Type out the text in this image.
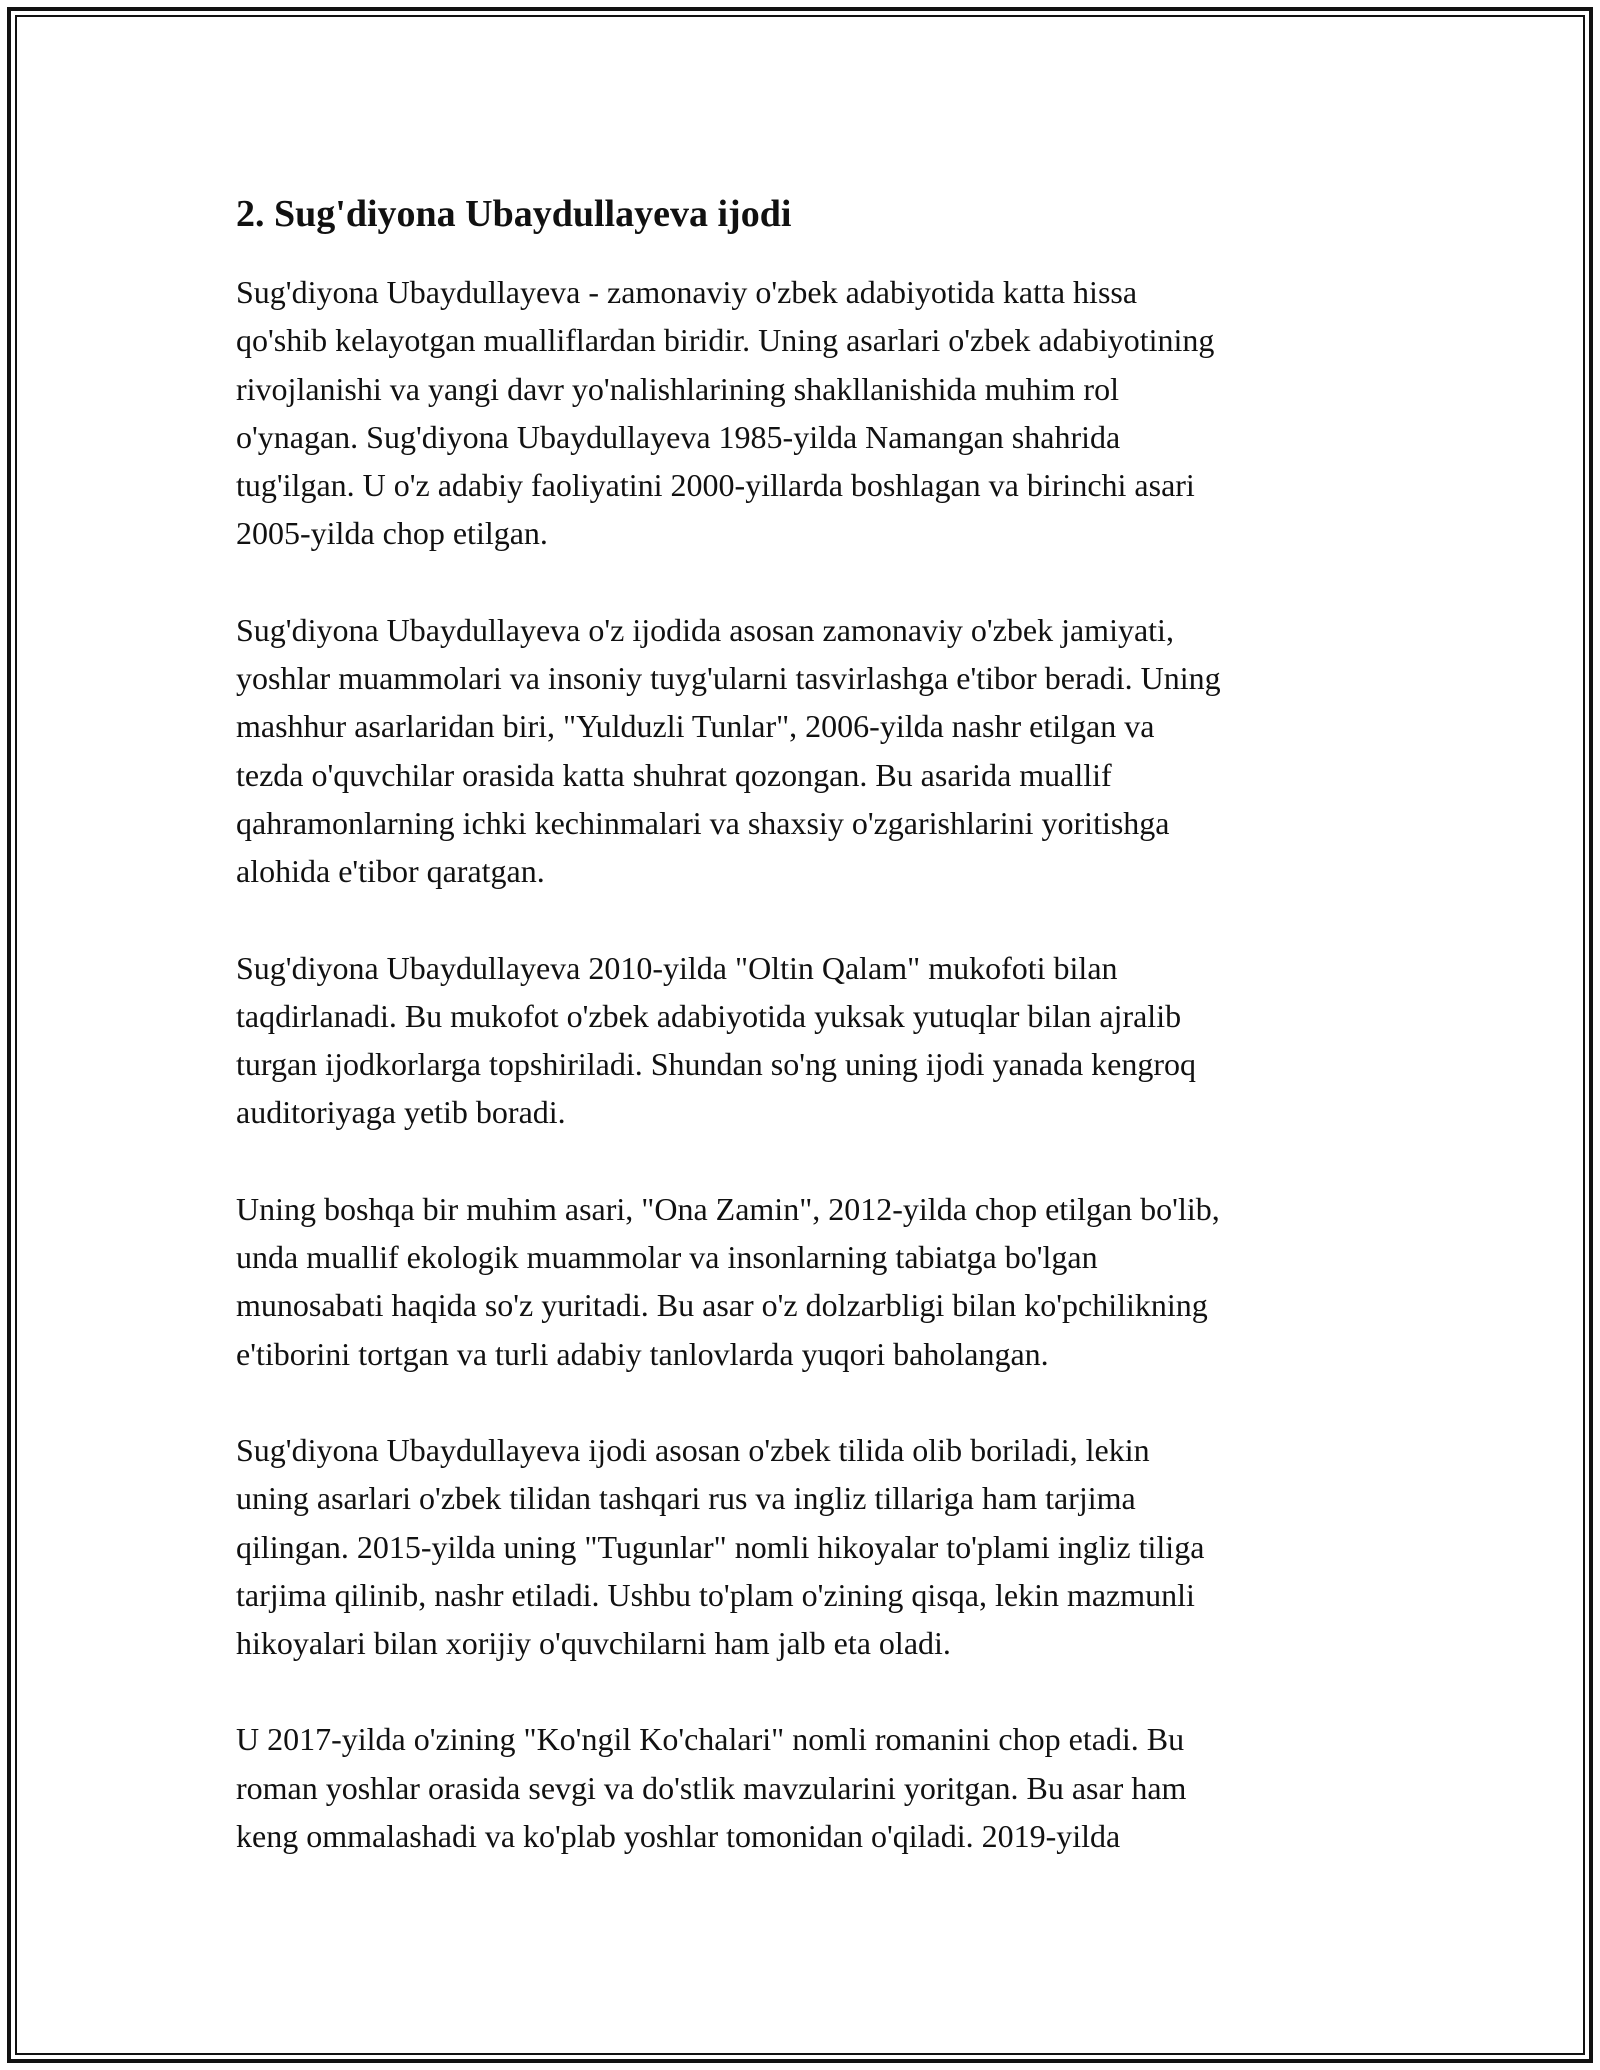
2. Sug'diyona Ubaydullayeva ijodi

Sug'diyona Ubaydullayeva - zamonaviy o'zbek adabiyotida katta hissa
qo'shib kelayotgan mualliflardan biridir. Uning asarlari o'zbek adabiyotining
rivojlanishi va yangi davr yo'nalishlarining shakllanishida muhim rol
o'ynagan. Sug'diyona Ubaydullayeva 1985-yilda Namangan shahrida
tug'ilgan. U o'z adabiy faoliyatini 2000-yillarda boshlagan va birinchi asari
2005-yilda chop etilgan.

Sug'diyona Ubaydullayeva o'z ijodida asosan zamonaviy o'zbek jamiyati,
yoshlar muammolari va insoniy tuyg'ularni tasvirlashga e'tibor beradi. Uning
mashhur asarlaridan biri, "Yulduzli Tunlar", 2006-yilda nashr etilgan va
tezda o'quvchilar orasida katta shuhrat qozongan. Bu asarida muallif
qahramonlarning ichki kechinmalari va shaxsiy o'zgarishlarini yoritishga
alohida e'tibor qaratgan.

Sug'diyona Ubaydullayeva 2010-yilda "Oltin Qalam" mukofoti bilan
taqdirlanadi. Bu mukofot o'zbek adabiyotida yuksak yutuqlar bilan ajralib
turgan ijodkorlarga topshiriladi. Shundan so'ng uning ijodi yanada kengroq
auditoriyaga yetib boradi.

Uning boshqa bir muhim asari, "Ona Zamin", 2012-yilda chop etilgan bo'lib,
unda muallif ekologik muammolar va insonlarning tabiatga bo'lgan
munosabati haqida so'z yuritadi. Bu asar o'z dolzarbligi bilan ko'pchilikning
e'tiborini tortgan va turli adabiy tanlovlarda yuqori baholangan.

Sug'diyona Ubaydullayeva ijodi asosan o'zbek tilida olib boriladi, lekin
uning asarlari o'zbek tilidan tashqari rus va ingliz tillariga ham tarjima
qilingan. 2015-yilda uning "Tugunlar" nomli hikoyalar to'plami ingliz tiliga
tarjima qilinib, nashr etiladi. Ushbu to'plam o'zining qisqa, lekin mazmunli
hikoyalari bilan xorijiy o'quvchilarni ham jalb eta oladi.

U 2017-yilda o'zining "Ko'ngil Ko'chalari" nomli romanini chop etadi. Bu
roman yoshlar orasida sevgi va do'stlik mavzularini yoritgan. Bu asar ham
keng ommalashadi va ko'plab yoshlar tomonidan o'qiladi. 2019-yilda
